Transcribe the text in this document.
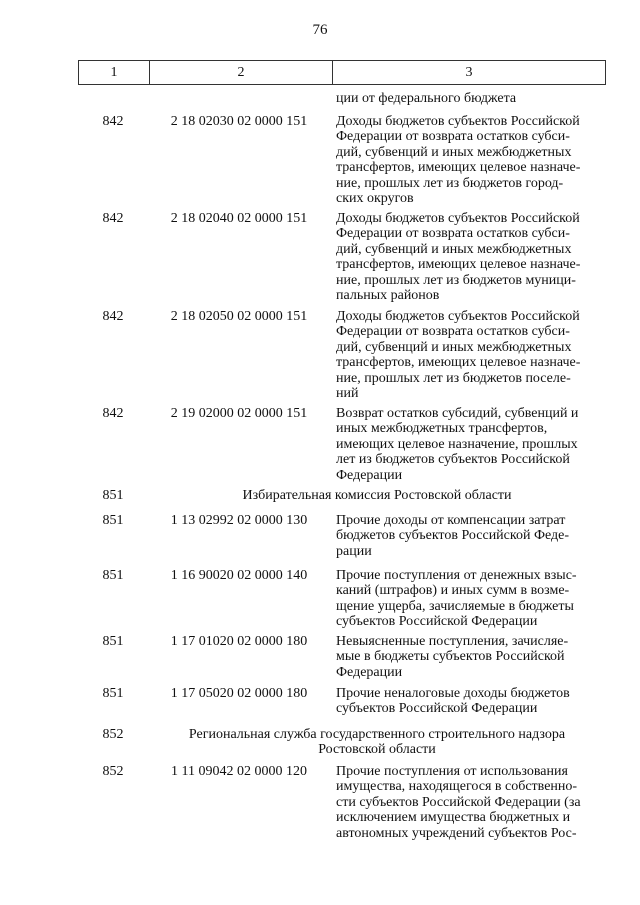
76
1	2	3
ции от федерального бюджета
842	2 18 02030 02 0000 151	Доходы бюджетов субъектов Российской
Федерации от возврата остатков субси-
дий, субвенций и иных межбюджетных
трансфертов, имеющих целевое назначе-
ние, прошлых лет из бюджетов город-
ских округов
842	2 18 02040 02 0000 151	Доходы бюджетов субъектов Российской
Федерации от возврата остатков субси-
дий, субвенций и иных межбюджетных
трансфертов, имеющих целевое назначе-
ние, прошлых лет из бюджетов муници-
пальных районов
842	2 18 02050 02 0000 151	Доходы бюджетов субъектов Российской
Федерации от возврата остатков субси-
дий, субвенций и иных межбюджетных
трансфертов, имеющих целевое назначе-
ние, прошлых лет из бюджетов поселе-
ний
842	2 19 02000 02 0000 151	Возврат остатков субсидий, субвенций и
иных межбюджетных трансфертов,
имеющих целевое назначение, прошлых
лет из бюджетов субъектов Российской
Федерации
851	Избирательная комиссия Ростовской области
851	1 13 02992 02 0000 130	Прочие доходы от компенсации затрат
бюджетов субъектов Российской Феде-
рации
851	1 16 90020 02 0000 140	Прочие поступления от денежных взыс-
каний (штрафов) и иных сумм в возме-
щение ущерба, зачисляемые в бюджеты
субъектов Российской Федерации
851	1 17 01020 02 0000 180	Невыясненные поступления, зачисляе-
мые в бюджеты субъектов Российской
Федерации
851	1 17 05020 02 0000 180	Прочие неналоговые доходы бюджетов
субъектов Российской Федерации
852	Региональная служба государственного строительного надзора
Ростовской области
852	1 11 09042 02 0000 120	Прочие поступления от использования
имущества, находящегося в собственно-
сти субъектов Российской Федерации (за
исключением имущества бюджетных и
автономных учреждений субъектов Рос-
